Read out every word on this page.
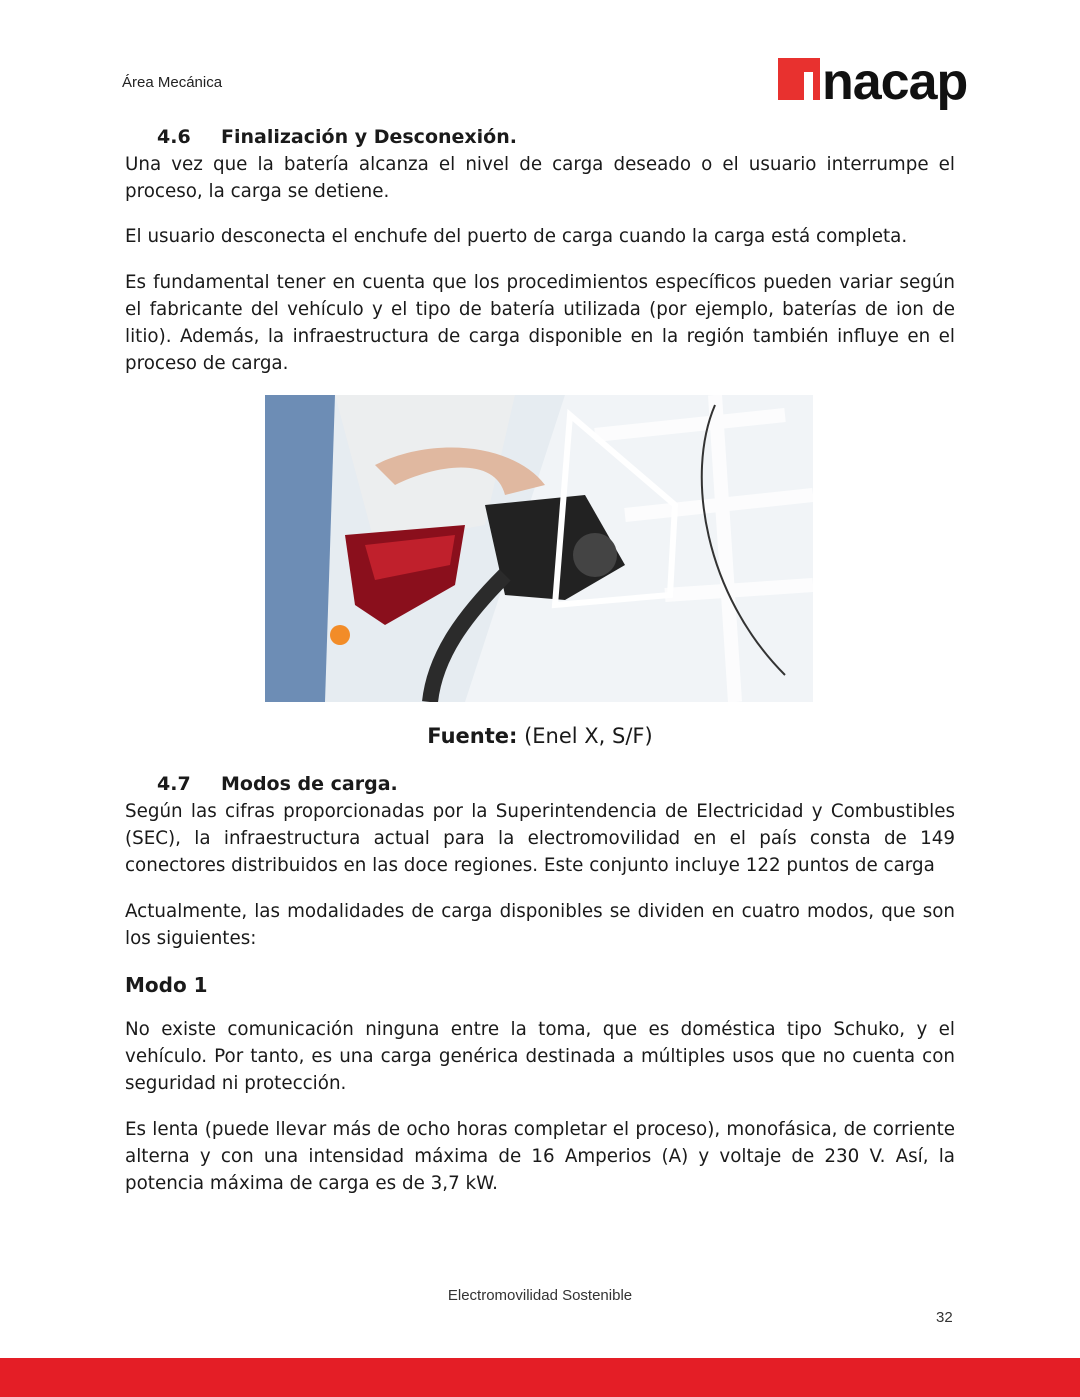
Área Mecánica	nacap
4.6 Finalización y Desconexión.

Una vez que la batería alcanza el nivel de carga deseado o el usuario interrumpe el proceso, la carga se detiene.

El usuario desconecta el enchufe del puerto de carga cuando la carga está completa.

Es fundamental tener en cuenta que los procedimientos específicos pueden variar según el fabricante del vehículo y el tipo de batería utilizada (por ejemplo, baterías de ion de litio). Además, la infraestructura de carga disponible en la región también influye en el proceso de carga.

Fuente: (Enel X, S/F)
4.7 Modos de carga.

Según las cifras proporcionadas por la Superintendencia de Electricidad y Combustibles (SEC), la infraestructura actual para la electromovilidad en el país consta de 149 conectores distribuidos en las doce regiones. Este conjunto incluye 122 puntos de carga

Actualmente, las modalidades de carga disponibles se dividen en cuatro modos, que son los siguientes:

Modo 1

No existe comunicación ninguna entre la toma, que es doméstica tipo Schuko, y el vehículo. Por tanto, es una carga genérica destinada a múltiples usos que no cuenta con seguridad ni protección.

Es lenta (puede llevar más de ocho horas completar el proceso), monofásica, de corriente alterna y con una intensidad máxima de 16 Amperios (A) y voltaje de 230 V. Así, la potencia máxima de carga es de 3,7 kW.

Electromovilidad Sostenible
32
